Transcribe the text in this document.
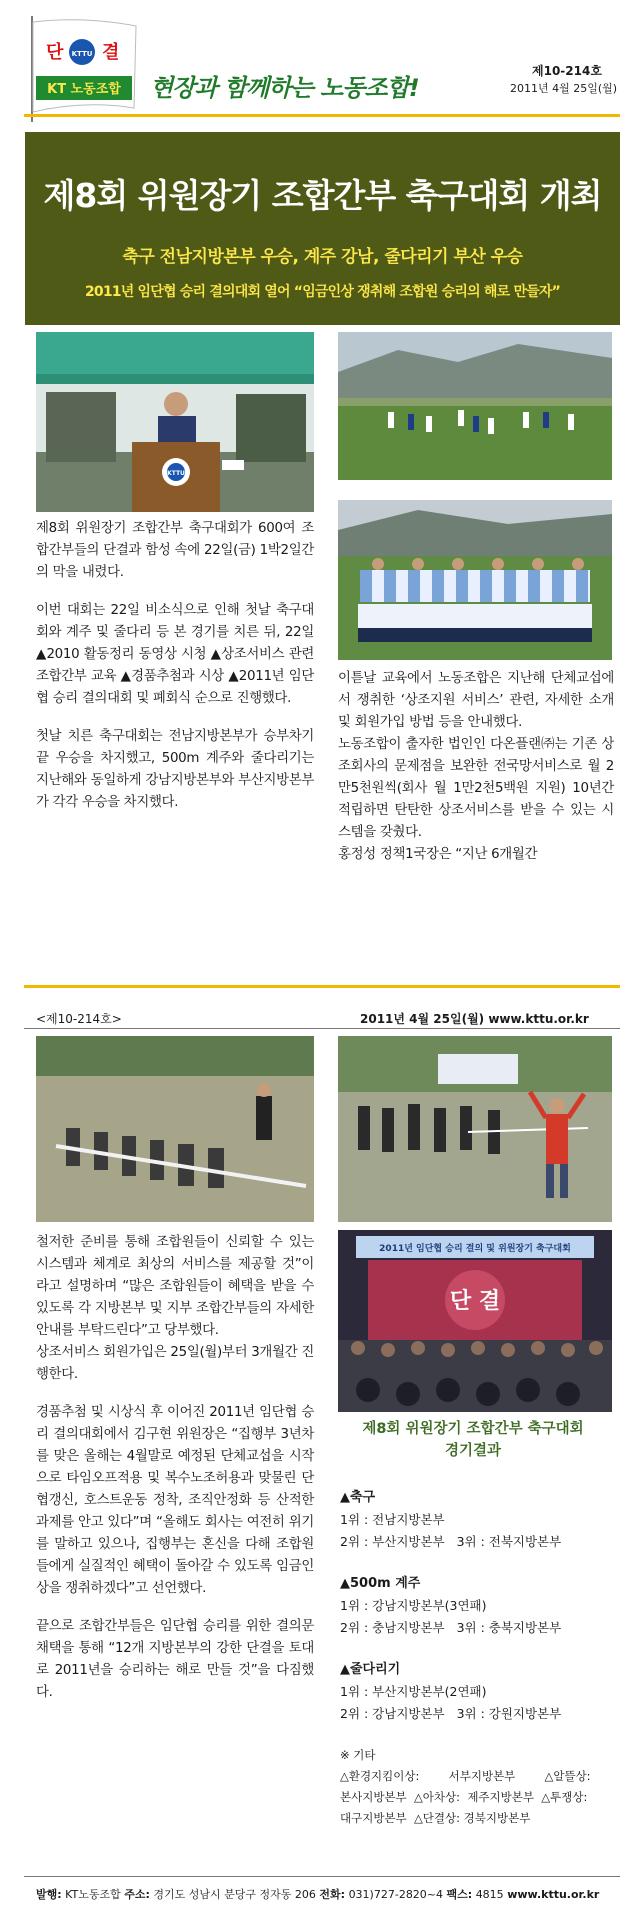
단 KTTU 결
KT 노동조합 현장과 함께하는 노동조합!
제10-214호
2011년 4월 25일(월)
제8회 위원장기 조합간부 축구대회 개최
축구 전남지방본부 우승, 계주 강남, 줄다리기 부산 우승
2011년 임단협 승리 결의대회 열어 “임금인상 쟁취해 조합원 승리의 해로 만들자”
KTTU

제8회 위원장기 조합간부 축구대회가 600여 조합간부들의 단결과 함성 속에 22일(금) 1박2일간의 막을 내렸다.

이번 대회는 22일 비소식으로 인해 첫날 축구대회와 계주 및 줄다리 등 본 경기를 치른 뒤, 22일 ▲2010 활동정리 동영상 시청 ▲상조서비스 관련 조합간부 교육 ▲경품추첨과 시상 ▲2011년 임단협 승리 결의대회 및 폐회식 순으로 진행했다.

첫날 치른 축구대회는 전남지방본부가 승부차기 끝 우승을 차지했고, 500m 계주와 줄다리기는 지난해와 동일하게 강남지방본부와 부산지방본부가 각각 우승을 차지했다.

이튿날 교육에서 노동조합은 지난해 단체교섭에서 쟁취한 ‘상조지원 서비스’ 관련, 자세한 소개 및 회원가입 방법 등을 안내했다.

노동조합이 출자한 법인인 다온플랜㈜는 기존 상조회사의 문제점을 보완한 전국망서비스로 월 2만5천원씩(회사 월 1만2천5백원 지원) 10년간 적립하면 탄탄한 상조서비스를 받을 수 있는 시스템을 갖췄다.

홍정성 정책1국장은 “지난 6개월간

<제10-214호>	2011년 4월 25일(월) www.kttu.or.kr
2011년 임단협 승리 결의 및 위원장기 축구대회
단 결

철저한 준비를 통해 조합원들이 신뢰할 수 있는 시스템과 체계로 최상의 서비스를 제공할 것”이라고 설명하며 “많은 조합원들이 혜택을 받을 수 있도록 각 지방본부 및 지부 조합간부들의 자세한 안내를 부탁드린다”고 당부했다.

상조서비스 회원가입은 25일(월)부터 3개월간 진행한다.

경품추첨 및 시상식 후 이어진 2011년 임단협 승리 결의대회에서 김구현 위원장은 “집행부 3년차를 맞은 올해는 4월말로 예정된 단체교섭을 시작으로 타임오프적용 및 복수노조허용과 맞물린 단협갱신, 호스트운동 정착, 조직안정화 등 산적한 과제를 안고 있다”며 “올해도 회사는 여전히 위기를 말하고 있으나, 집행부는 혼신을 다해 조합원들에게 실질적인 혜택이 돌아갈 수 있도록 임금인상을 쟁취하겠다”고 선언했다.

끝으로 조합간부들은 임단협 승리를 위한 결의문 채택을 통해 “12개 지방본부의 강한 단결을 토대로 2011년을 승리하는 해로 만들 것”을 다짐했다.

제8회 위원장기 조합간부 축구대회
경기결과
▲축구
1위 : 전남지방본부
2위 : 부산지방본부 3위 : 전북지방본부
▲500m 계주
1위 : 강남지방본부(3연패)
2위 : 충남지방본부 3위 : 충북지방본부
▲줄다리기
1위 : 부산지방본부(2연패)
2위 : 강남지방본부 3위 : 강원지방본부
※ 기타
△환경지킴이상:        서부지방본부        △알뜰상:
본사지방본부  △아차상:  제주지방본부  △투쟁상:
대구지방본부  △단결상: 경북지방본부
발행: KT노동조합 주소: 경기도 성남시 분당구 정자동 206 전화: 031)727-2820~4 팩스: 4815 www.kttu.or.kr
